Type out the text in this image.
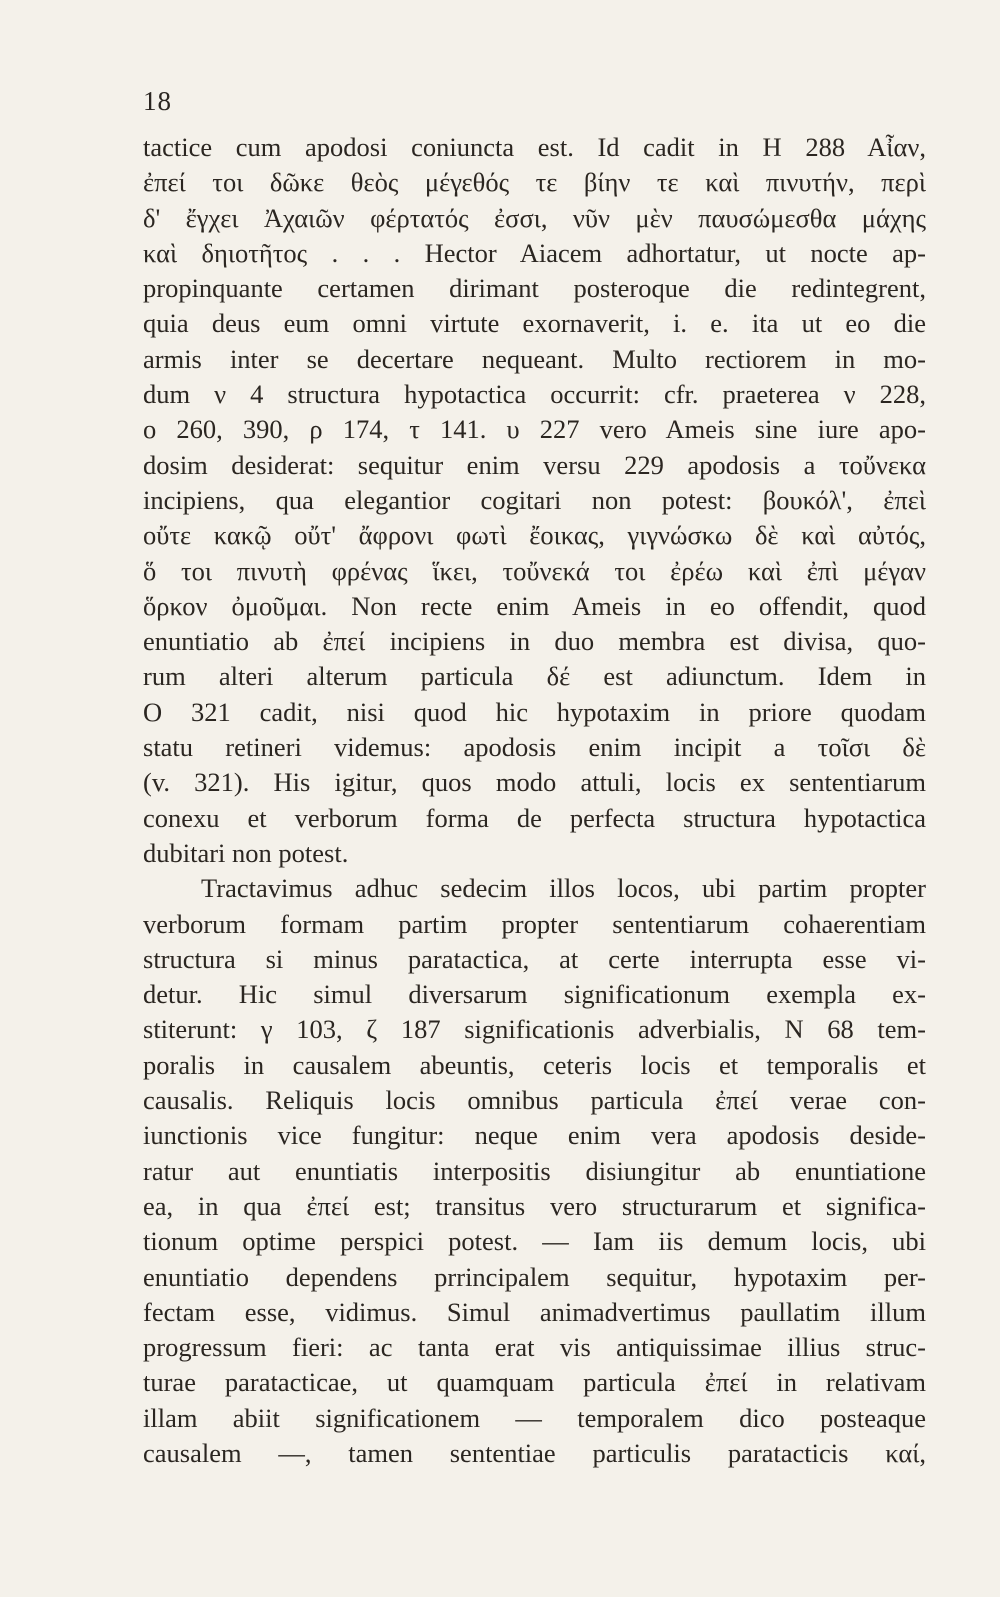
18
tactice cum apodosi coniuncta est. Id cadit in Η 288 Αἶαν,
ἐπεί τοι δῶκε θεὸς μέγεθός τε βίην τε καὶ πινυτήν, περὶ
δ' ἔγχει Ἀχαιῶν φέρτατός ἐσσι, νῦν μὲν παυσώμεσθα μάχης
καὶ δηιοτῆτος . . . Hector Aiacem adhortatur, ut nocte ap-
propinquante certamen dirimant posteroque die redintegrent,
quia deus eum omni virtute exornaverit, i. e. ita ut eo die
armis inter se decertare nequeant. Multo rectiorem in mo-
dum ν 4 structura hypotactica occurrit: cfr. praeterea ν 228,
ο 260, 390, ρ 174, τ 141. υ 227 vero Ameis sine iure apo-
dosim desiderat: sequitur enim versu 229 apodosis a τοὔνεκα
incipiens, qua elegantior cogitari non potest: βουκόλ', ἐπεὶ
οὔτε κακῷ οὔτ' ἄφρονι φωτὶ ἔοικας, γιγνώσκω δὲ καὶ αὐτός,
ὅ τοι πινυτὴ φρένας ἵκει, τοὔνεκά τοι ἐρέω καὶ ἐπὶ μέγαν
ὅρκον ὀμοῦμαι. Non recte enim Ameis in eo offendit, quod
enuntiatio ab ἐπεί incipiens in duo membra est divisa, quo-
rum alteri alterum particula δέ est adiunctum. Idem in
Ο 321 cadit, nisi quod hic hypotaxim in priore quodam
statu retineri videmus: apodosis enim incipit a τοῖσι δὲ
(v. 321). His igitur, quos modo attuli, locis ex sententiarum
conexu et verborum forma de perfecta structura hypotactica
dubitari non potest.
Tractavimus adhuc sedecim illos locos, ubi partim propter
verborum formam partim propter sententiarum cohaerentiam
structura si minus paratactica, at certe interrupta esse vi-
detur. Hic simul diversarum significationum exempla ex-
stiterunt: γ 103, ζ 187 significationis adverbialis, Ν 68 tem-
poralis in causalem abeuntis, ceteris locis et temporalis et
causalis. Reliquis locis omnibus particula ἐπεί verae con-
iunctionis vice fungitur: neque enim vera apodosis deside-
ratur aut enuntiatis interpositis disiungitur ab enuntiatione
ea, in qua ἐπεί est; transitus vero structurarum et significa-
tionum optime perspici potest. — Iam iis demum locis, ubi
enuntiatio dependens prrincipalem sequitur, hypotaxim per-
fectam esse, vidimus. Simul animadvertimus paullatim illum
progressum fieri: ac tanta erat vis antiquissimae illius struc-
turae paratacticae, ut quamquam particula ἐπεί in relativam
illam abiit significationem — temporalem dico posteaque
causalem —, tamen sententiae particulis paratacticis καί,
